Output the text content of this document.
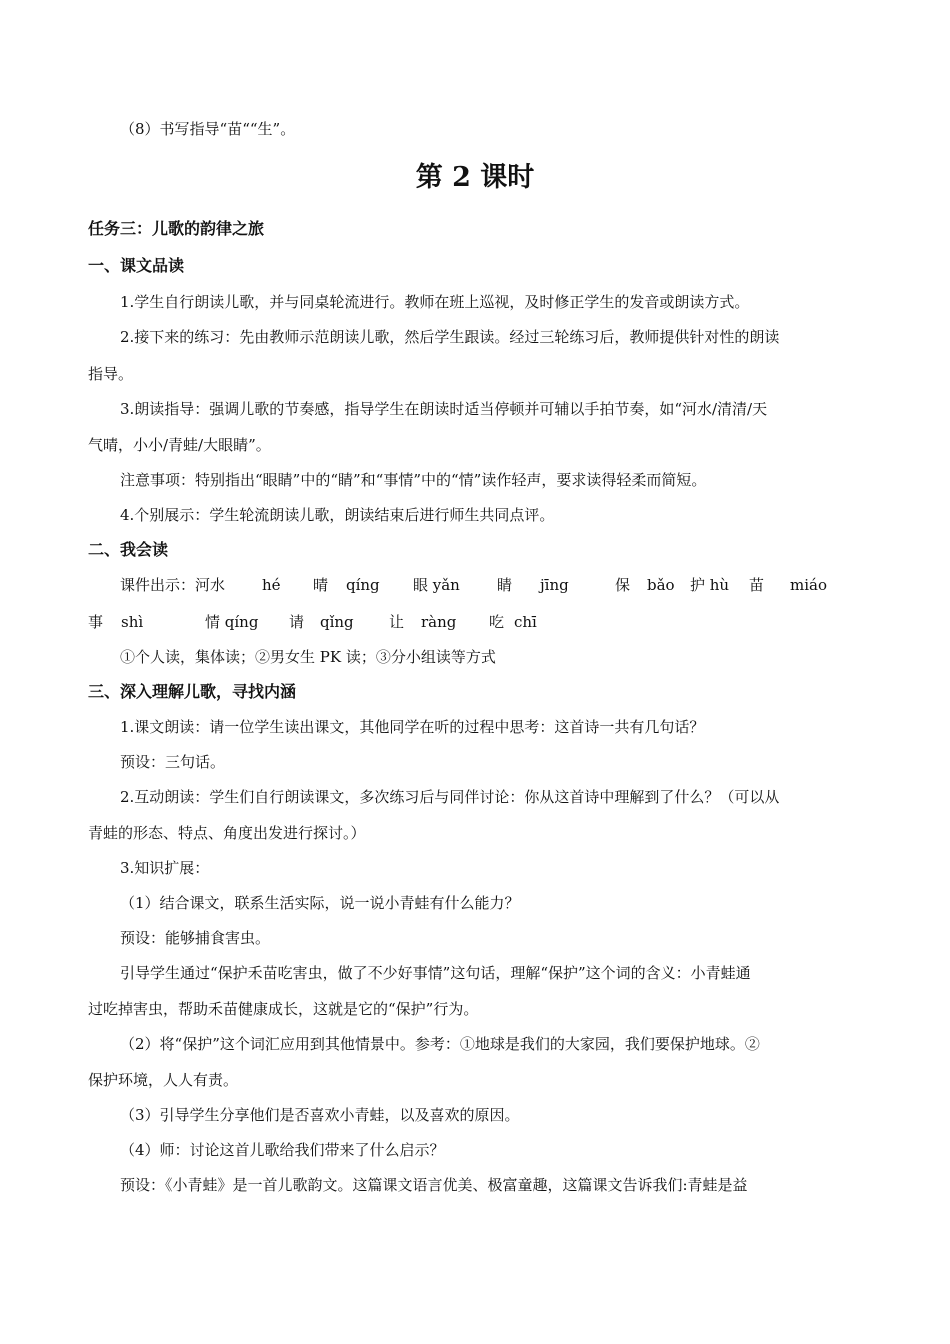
（8）书写指导“苗““生”。
第 2 课时
任务三：儿歌的韵律之旅
一、课文品读
1.学生自行朗读儿歌，并与同桌轮流进行。教师在班上巡视，及时修正学生的发音或朗读方式。
2.接下来的练习：先由教师示范朗读儿歌，然后学生跟读。经过三轮练习后，教师提供针对性的朗读
指导。
3.朗读指导：强调儿歌的节奏感，指导学生在朗读时适当停顿并可辅以手拍节奏，如“河水/清清/天
气晴，小小/青蛙/大眼睛”。
注意事项：特别指出“眼睛”中的“睛”和“事情”中的“情”读作轻声，要求读得轻柔而简短。
4.个别展示：学生轮流朗读儿歌，朗读结束后进行师生共同点评。
二、我会读
课件出示：河水 hé 晴 qíng 眼 yǎn 睛 jīng	保 bǎo 护 hù 苗 miáo
事 shì	情 qíng 请 qǐng 让 ràng 吃 chī
①个人读，集体读；②男女生 PK 读；③分小组读等方式
三、深入理解儿歌，寻找内涵
1.课文朗读：请一位学生读出课文，其他同学在听的过程中思考：这首诗一共有几句话？
预设：三句话。
2.互动朗读：学生们自行朗读课文，多次练习后与同伴讨论：你从这首诗中理解到了什么？（可以从
青蛙的形态、特点、角度出发进行探讨。）
3.知识扩展：
（1）结合课文，联系生活实际，说一说小青蛙有什么能力？
预设：能够捕食害虫。
引导学生通过“保护禾苗吃害虫，做了不少好事情”这句话，理解“保护”这个词的含义：小青蛙通
过吃掉害虫，帮助禾苗健康成长，这就是它的“保护”行为。
（2）将“保护”这个词汇应用到其他情景中。参考：①地球是我们的大家园，我们要保护地球。②
保护环境，人人有责。
（3）引导学生分享他们是否喜欢小青蛙，以及喜欢的原因。
（4）师：讨论这首儿歌给我们带来了什么启示？
预设：《小青蛙》是一首儿歌韵文。这篇课文语言优美、极富童趣，这篇课文告诉我们:青蛙是益
